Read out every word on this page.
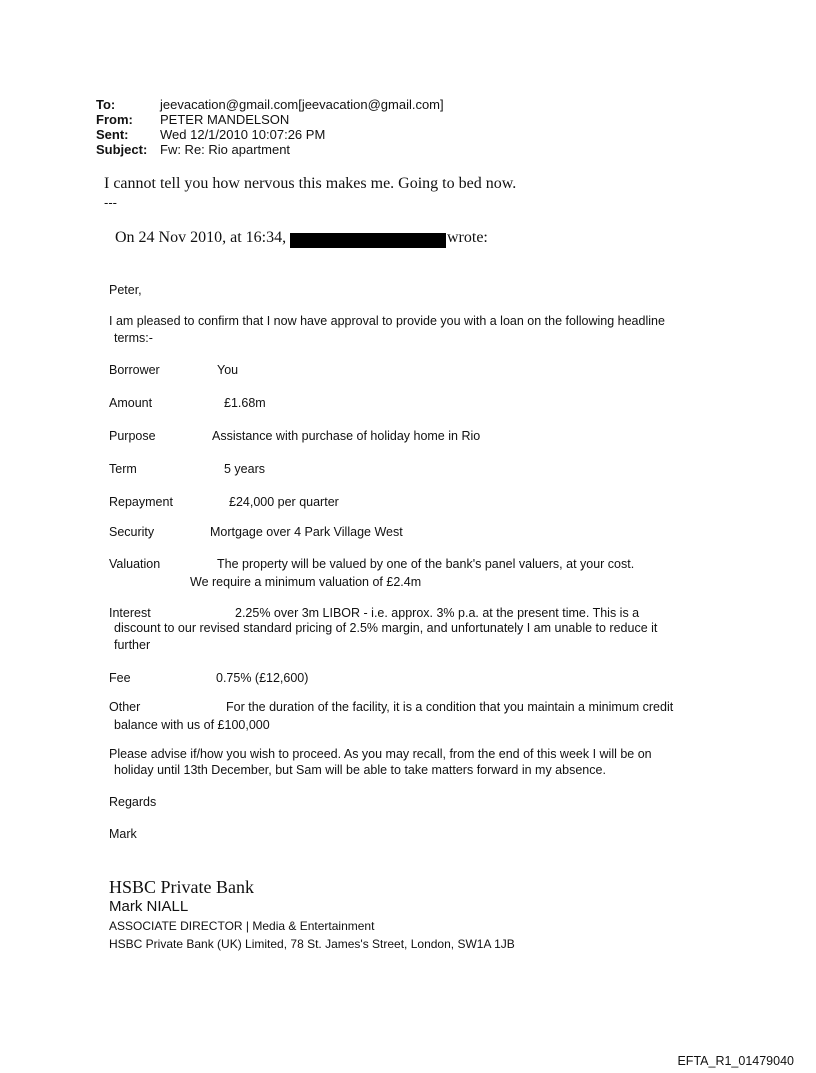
To:	jeevacation@gmail.com[jeevacation@gmail.com]
From: PETER MANDELSON
Sent: Wed 12/1/2010 10:07:26 PM
Subject: Fw: Re: Rio apartment
I cannot tell you how nervous this makes me. Going to bed now.
---
On 24 Nov 2010, at 16:34,	wrote:
Peter,
I am pleased to confirm that I now have approval to provide you with a loan on the following headline
terms:-
Borrower	You
Amount	£1.68m
Purpose	Assistance with purchase of holiday home in Rio
Term	5 years
Repayment	£24,000 per quarter
Security	Mortgage over 4 Park Village West
Valuation	The property will be valued by one of the bank's panel valuers, at your cost.
We require a minimum valuation of £2.4m
Interest	2.25% over 3m LIBOR - i.e. approx. 3% p.a. at the present time. This is a
discount to our revised standard pricing of 2.5% margin, and unfortunately I am unable to reduce it
further
Fee	0.75% (£12,600)
Other	For the duration of the facility, it is a condition that you maintain a minimum credit
balance with us of £100,000
Please advise if/how you wish to proceed. As you may recall, from the end of this week I will be on
holiday until 13th December, but Sam will be able to take matters forward in my absence.
Regards
Mark
HSBC Private Bank
Mark NIALL
ASSOCIATE DIRECTOR | Media & Entertainment
HSBC Private Bank (UK) Limited, 78 St. James's Street, London, SW1A 1JB
EFTA_R1_01479040
